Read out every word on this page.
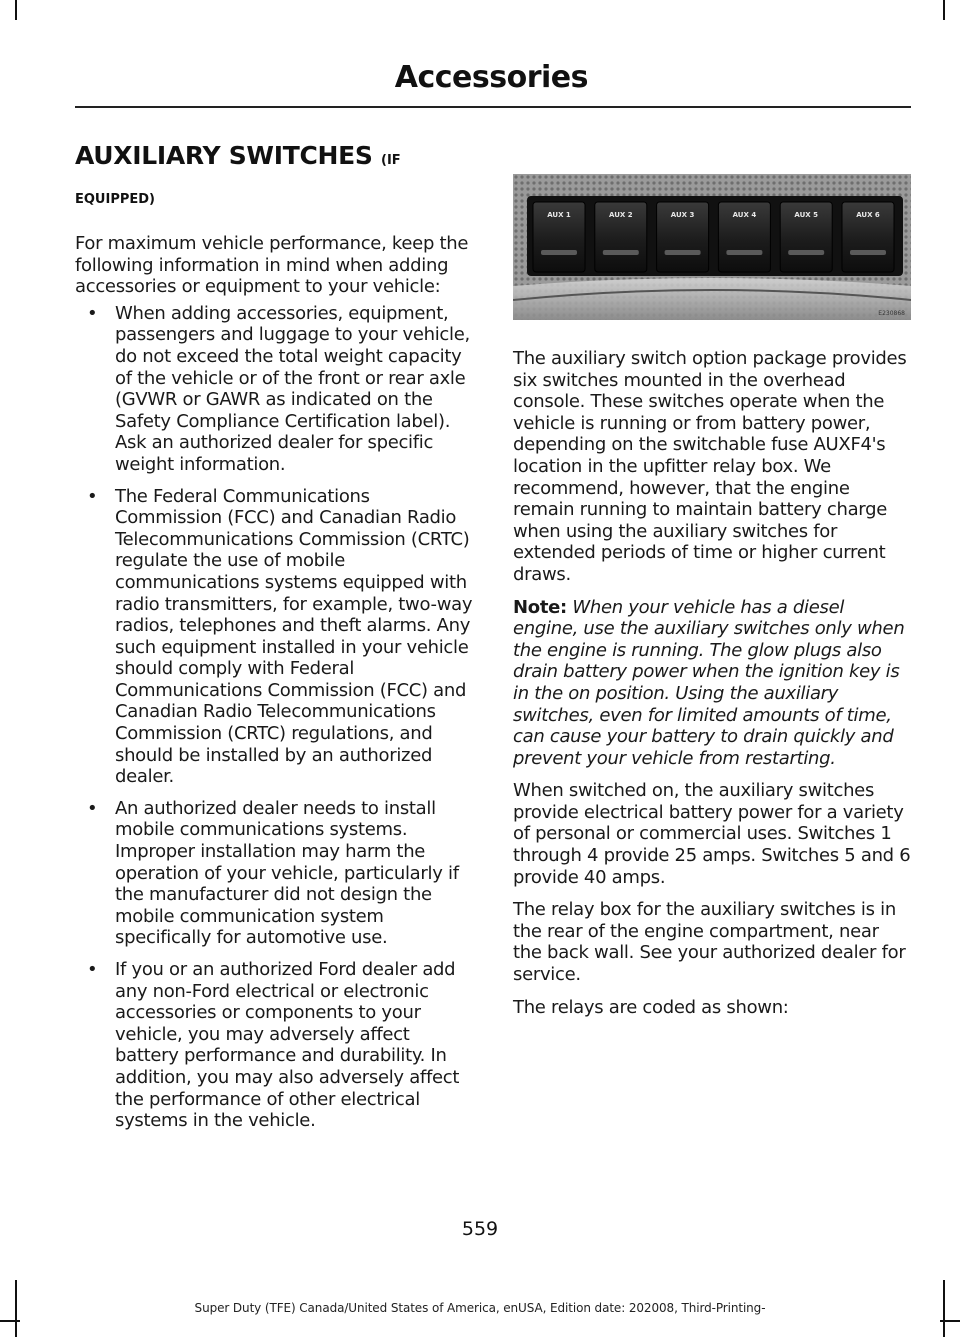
Accessories
AUXILIARY SWITCHES (IF
EQUIPPED)

For maximum vehicle performance, keep the following information in mind when adding accessories or equipment to your vehicle:

• When adding accessories, equipment, passengers and luggage to your vehicle, do not exceed the total weight capacity of the vehicle or of the front or rear axle (GVWR or GAWR as indicated on the Safety Compliance Certification label). Ask an authorized dealer for specific weight information.
• The Federal Communications Commission (FCC) and Canadian Radio Telecommunications Commission (CRTC) regulate the use of mobile communications systems equipped with radio transmitters, for example, two-way radios, telephones and theft alarms. Any such equipment installed in your vehicle should comply with Federal Communications Commission (FCC) and Canadian Radio Telecommunications Commission (CRTC) regulations, and should be installed by an authorized dealer.
• An authorized dealer needs to install mobile communications systems. Improper installation may harm the operation of your vehicle, particularly if the manufacturer did not design the mobile communication system specifically for automotive use.
• If you or an authorized Ford dealer add any non-Ford electrical or electronic accessories or components to your vehicle, you may adversely affect battery performance and durability. In addition, you may also adversely affect the performance of other electrical systems in the vehicle.
AUX 1	AUX 2	AUX 3	AUX 4	AUX 5	AUX 6
E230868

The auxiliary switch option package provides six switches mounted in the overhead console. These switches operate when the vehicle is running or from battery power, depending on the switchable fuse AUXF4's location in the upfitter relay box. We recommend, however, that the engine remain running to maintain battery charge when using the auxiliary switches for extended periods of time or higher current draws.

Note: When your vehicle has a diesel engine, use the auxiliary switches only when the engine is running. The glow plugs also drain battery power when the ignition key is in the on position. Using the auxiliary switches, even for limited amounts of time, can cause your battery to drain quickly and prevent your vehicle from restarting.

When switched on, the auxiliary switches provide electrical battery power for a variety of personal or commercial uses. Switches 1 through 4 provide 25 amps. Switches 5 and 6 provide 40 amps.

The relay box for the auxiliary switches is in the rear of the engine compartment, near the back wall. See your authorized dealer for service.

The relays are coded as shown:

559
Super Duty (TFE) Canada/United States of America, enUSA, Edition date: 202008, Third-Printing-
